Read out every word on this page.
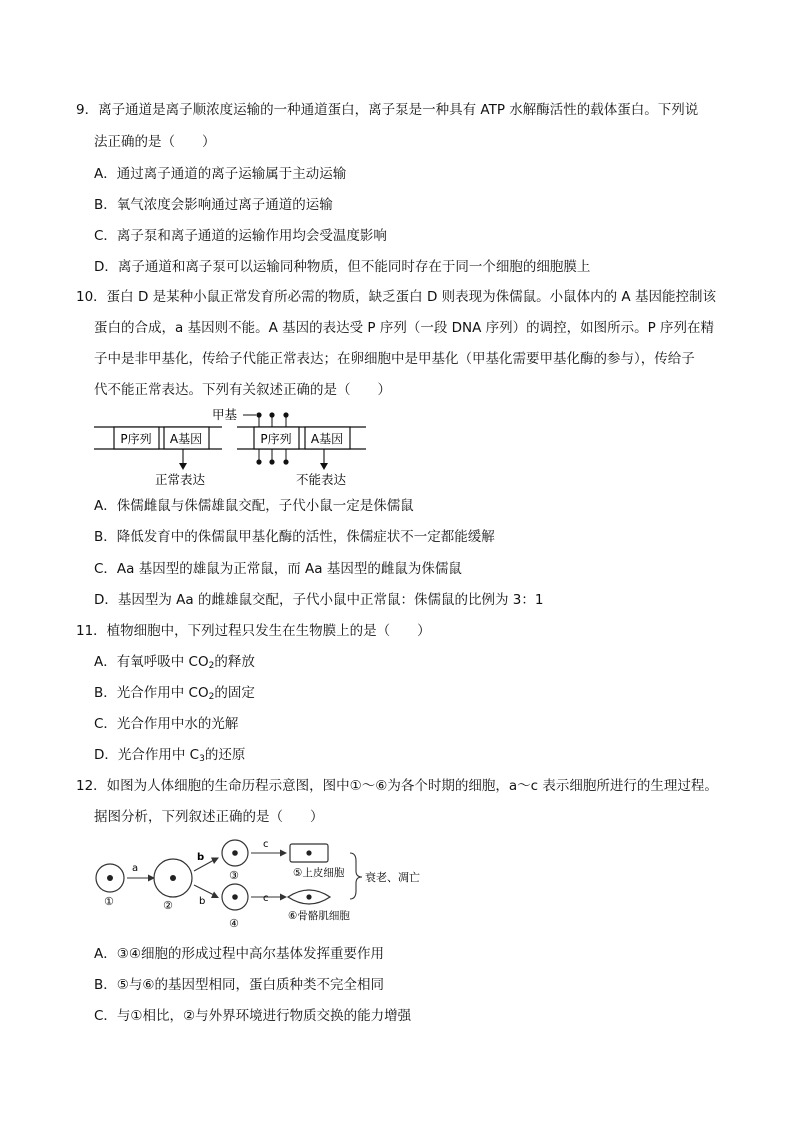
9．离子通道是离子顺浓度运输的一种通道蛋白，离子泵是一种具有 ATP 水解酶活性的载体蛋白。下列说
法正确的是（　　）
A．通过离子通道的离子运输属于主动运输
B．氧气浓度会影响通过离子通道的运输
C．离子泵和离子通道的运输作用均会受温度影响
D．离子通道和离子泵可以运输同种物质，但不能同时存在于同一个细胞的细胞膜上
10．蛋白 D 是某种小鼠正常发育所必需的物质，缺乏蛋白 D 则表现为侏儒鼠。小鼠体内的 A 基因能控制该
蛋白的合成，a 基因则不能。A 基因的表达受 P 序列（一段 DNA 序列）的调控，如图所示。P 序列在精
子中是非甲基化，传给子代能正常表达；在卵细胞中是甲基化（甲基化需要甲基化酶的参与），传给子
代不能正常表达。下列有关叙述正确的是（　　）
P序列 A基因
正常表达
P序列 A基因
甲基
不能表达
A．侏儒雌鼠与侏儒雄鼠交配，子代小鼠一定是侏儒鼠
B．降低发育中的侏儒鼠甲基化酶的活性，侏儒症状不一定都能缓解
C．Aa 基因型的雄鼠为正常鼠，而 Aa 基因型的雌鼠为侏儒鼠
D．基因型为 Aa 的雌雄鼠交配，子代小鼠中正常鼠：侏儒鼠的比例为 3：1
11．植物细胞中，下列过程只发生在生物膜上的是（　　）
A．有氧呼吸中 $CO_2$的释放
B．光合作用中 $CO_2$的固定
C．光合作用中水的光解
D．光合作用中 $C_3$的还原
12．如图为人体细胞的生命历程示意图，图中①～⑥为各个时期的细胞，a～c 表示细胞所进行的生理过程。
据图分析，下列叙述正确的是（　　）
①
a
②
b
b
③
④
c
c
⑤上皮细胞
⑥骨骼肌细胞
衰老、凋亡
A．③④细胞的形成过程中高尔基体发挥重要作用
B．⑤与⑥的基因型相同，蛋白质种类不完全相同
C．与①相比，②与外界环境进行物质交换的能力增强
